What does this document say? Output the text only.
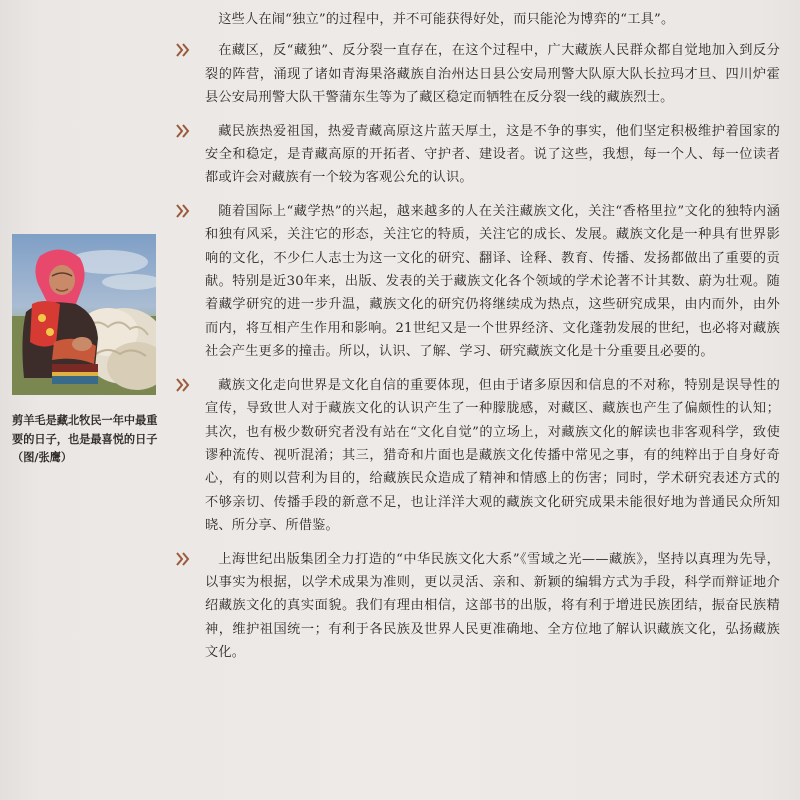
这些人在闹“独立”的过程中，并不可能获得好处，而只能沦为博弈的“工具”。

在藏区，反“藏独”、反分裂一直存在，在这个过程中，广大藏族人民群众都自觉地加入到反分裂的阵营，涌现了诸如青海果洛藏族自治州达日县公安局刑警大队原大队长拉玛才旦、四川炉霍县公安局刑警大队干警蒲东生等为了藏区稳定而牺牲在反分裂一线的藏族烈士。

藏民族热爱祖国，热爱青藏高原这片蓝天厚土，这是不争的事实，他们坚定积极维护着国家的安全和稳定，是青藏高原的开拓者、守护者、建设者。说了这些，我想，每一个人、每一位读者都或许会对藏族有一个较为客观公允的认识。

随着国际上“藏学热”的兴起，越来越多的人在关注藏族文化，关注“香格里拉”文化的独特内涵和独有风采，关注它的形态，关注它的特质，关注它的成长、发展。藏族文化是一种具有世界影响的文化，不少仁人志士为这一文化的研究、翻译、诠释、教育、传播、发扬都做出了重要的贡献。特别是近30年来，出版、发表的关于藏族文化各个领域的学术论著不计其数、蔚为壮观。随着藏学研究的进一步升温，藏族文化的研究仍将继续成为热点，这些研究成果，由内而外，由外而内，将互相产生作用和影响。21世纪又是一个世界经济、文化蓬勃发展的世纪，也必将对藏族社会产生更多的撞击。所以，认识、了解、学习、研究藏族文化是十分重要且必要的。

藏族文化走向世界是文化自信的重要体现，但由于诸多原因和信息的不对称，特别是误导性的宣传，导致世人对于藏族文化的认识产生了一种朦胧感，对藏区、藏族也产生了偏颇性的认知；其次，也有极少数研究者没有站在“文化自觉”的立场上，对藏族文化的解读也非客观科学，致使谬种流传、视听混淆；其三，猎奇和片面也是藏族文化传播中常见之事，有的纯粹出于自身好奇心，有的则以营利为目的，给藏族民众造成了精神和情感上的伤害；同时，学术研究表述方式的不够亲切、传播手段的新意不足，也让洋洋大观的藏族文化研究成果未能很好地为普通民众所知晓、所分享、所借鉴。

上海世纪出版集团全力打造的“中华民族文化大系”《雪域之光——藏族》，坚持以真理为先导，以事实为根据，以学术成果为准则，更以灵活、亲和、新颖的编辑方式为手段，科学而辩证地介绍藏族文化的真实面貌。我们有理由相信，这部书的出版，将有利于增进民族团结，振奋民族精神，维护祖国统一；有利于各民族及世界人民更准确地、全方位地了解认识藏族文化，弘扬藏族文化。

剪羊毛是藏北牧民一年中最重要的日子，也是最喜悦的日子（图/张鹰）
